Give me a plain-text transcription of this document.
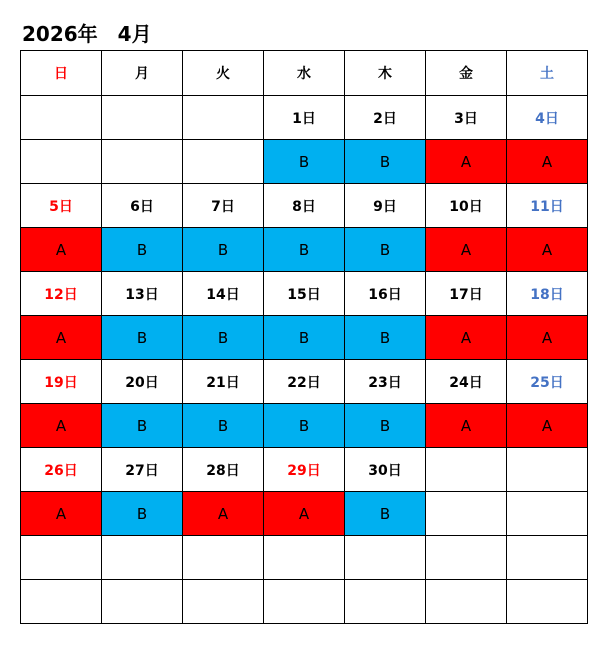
2026年　4月
日	月	火	水	木	金	土
			1日	2日	3日	4日
			B	B	A	A
5日	6日	7日	8日	9日	10日	11日
A	B	B	B	B	A	A
12日	13日	14日	15日	16日	17日	18日
A	B	B	B	B	A	A
19日	20日	21日	22日	23日	24日	25日
A	B	B	B	B	A	A
26日	27日	28日	29日	30日		
A	B	A	A	B		
